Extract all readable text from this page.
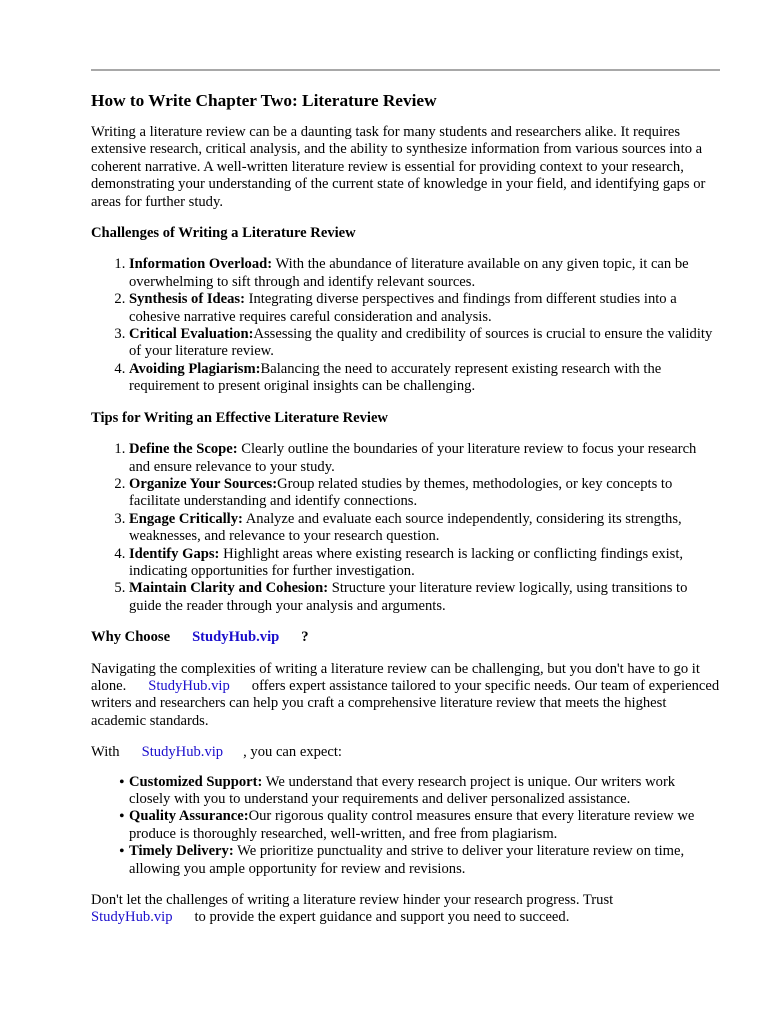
How to Write Chapter Two: Literature Review

Writing a literature review can be a daunting task for many students and researchers alike. It requires extensive research, critical analysis, and the ability to synthesize information from various sources into a coherent narrative. A well-written literature review is essential for providing context to your research, demonstrating your understanding of the current state of knowledge in your field, and identifying gaps or areas for further study.

Challenges of Writing a Literature Review
1. Information Overload: With the abundance of literature available on any given topic, it can be overwhelming to sift through and identify relevant sources.
2. Synthesis of Ideas: Integrating diverse perspectives and findings from different studies into a cohesive narrative requires careful consideration and analysis.
3. Critical Evaluation:Assessing the quality and credibility of sources is crucial to ensure the validity of your literature review.
4. Avoiding Plagiarism:Balancing the need to accurately represent existing research with the requirement to present original insights can be challenging.
Tips for Writing an Effective Literature Review
1. Define the Scope: Clearly outline the boundaries of your literature review to focus your research and ensure relevance to your study.
2. Organize Your Sources:Group related studies by themes, methodologies, or key concepts to facilitate understanding and identify connections.
3. Engage Critically: Analyze and evaluate each source independently, considering its strengths, weaknesses, and relevance to your research question.
4. Identify Gaps: Highlight areas where existing research is lacking or conflicting findings exist, indicating opportunities for further investigation.
5. Maintain Clarity and Cohesion: Structure your literature review logically, using transitions to guide the reader through your analysis and arguments.
Why Choose StudyHub.vip ?

Navigating the complexities of writing a literature review can be challenging, but you don't have to go it alone. StudyHub.vip offers expert assistance tailored to your specific needs. Our team of experienced writers and researchers can help you craft a comprehensive literature review that meets the highest academic standards.

With StudyHub.vip , you can expect:

• Customized Support: We understand that every research project is unique. Our writers work closely with you to understand your requirements and deliver personalized assistance.
• Quality Assurance:Our rigorous quality control measures ensure that every literature review we produce is thoroughly researched, well-written, and free from plagiarism.
• Timely Delivery: We prioritize punctuality and strive to deliver your literature review on time, allowing you ample opportunity for review and revisions.

Don't let the challenges of writing a literature review hinder your research progress. Trust
StudyHub.vip to provide the expert guidance and support you need to succeed.
